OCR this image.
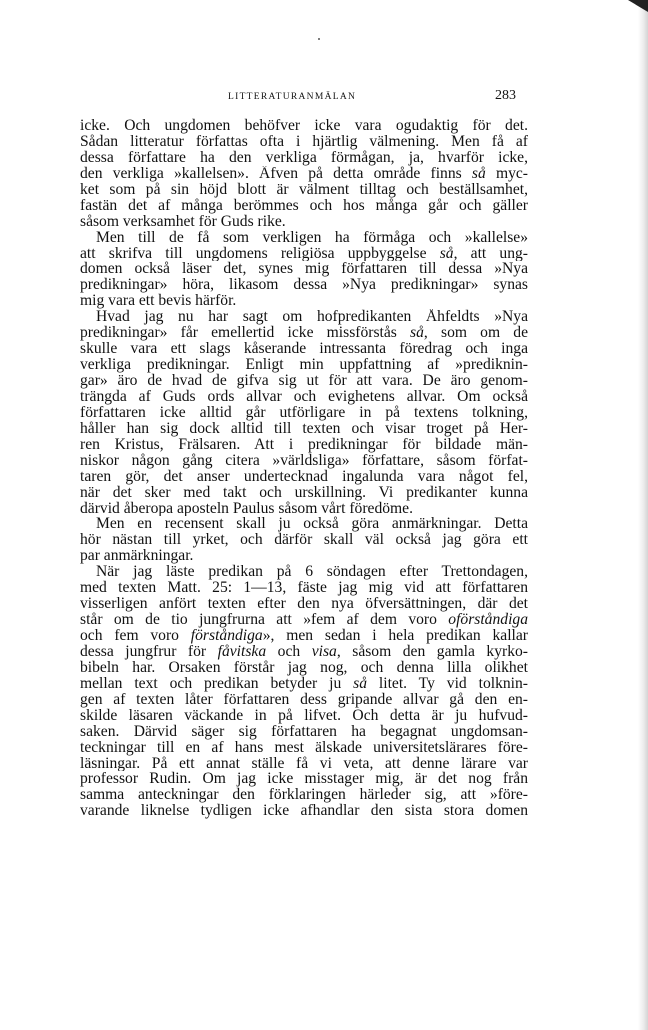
LITTERATURANMÄLAN	283
icke. Och ungdomen behöfver icke vara ogudaktig för det.
Sådan litteratur författas ofta i hjärtlig välmening. Men få af
dessa författare ha den verkliga förmågan, ja, hvarför icke,
den verkliga »kallelsen». Äfven på detta område finns så myc-
ket som på sin höjd blott är välment tilltag och beställsamhet,
fastän det af många berömmes och hos många går och gäller
såsom verksamhet för Guds rike.
Men till de få som verkligen ha förmåga och »kallelse»
att skrifva till ungdomens religiösa uppbyggelse så, att ung-
domen också läser det, synes mig författaren till dessa »Nya
predikningar» höra, likasom dessa »Nya predikningar» synas
mig vara ett bevis härför.
Hvad jag nu har sagt om hofpredikanten Åhfeldts »Nya
predikningar» får emellertid icke missförstås så, som om de
skulle vara ett slags kåserande intressanta föredrag och inga
verkliga predikningar. Enligt min uppfattning af »prediknin-
gar» äro de hvad de gifva sig ut för att vara. De äro genom-
trängda af Guds ords allvar och evighetens allvar. Om också
författaren icke alltid går utförligare in på textens tolkning,
håller han sig dock alltid till texten och visar troget på Her-
ren Kristus, Frälsaren. Att i predikningar för bildade män-
niskor någon gång citera »världsliga» författare, såsom förfat-
taren gör, det anser undertecknad ingalunda vara något fel,
när det sker med takt och urskillning. Vi predikanter kunna
därvid åberopa aposteln Paulus såsom vårt föredöme.
Men en recensent skall ju också göra anmärkningar. Detta
hör nästan till yrket, och därför skall väl också jag göra ett
par anmärkningar.
När jag läste predikan på 6 söndagen efter Trettondagen,
med texten Matt. 25: 1—13, fäste jag mig vid att författaren
visserligen anfört texten efter den nya öfversättningen, där det
står om de tio jungfrurna att »fem af dem voro oförståndiga
och fem voro förståndiga», men sedan i hela predikan kallar
dessa jungfrur för fåvitska och visa, såsom den gamla kyrko-
bibeln har. Orsaken förstår jag nog, och denna lilla olikhet
mellan text och predikan betyder ju så litet. Ty vid tolknin-
gen af texten låter författaren dess gripande allvar gå den en-
skilde läsaren väckande in på lifvet. Och detta är ju hufvud-
saken. Därvid säger sig författaren ha begagnat ungdomsan-
teckningar till en af hans mest älskade universitetslärares före-
läsningar. På ett annat ställe få vi veta, att denne lärare var
professor Rudin. Om jag icke misstager mig, är det nog från
samma anteckningar den förklaringen härleder sig, att »före-
varande liknelse tydligen icke afhandlar den sista stora domen
